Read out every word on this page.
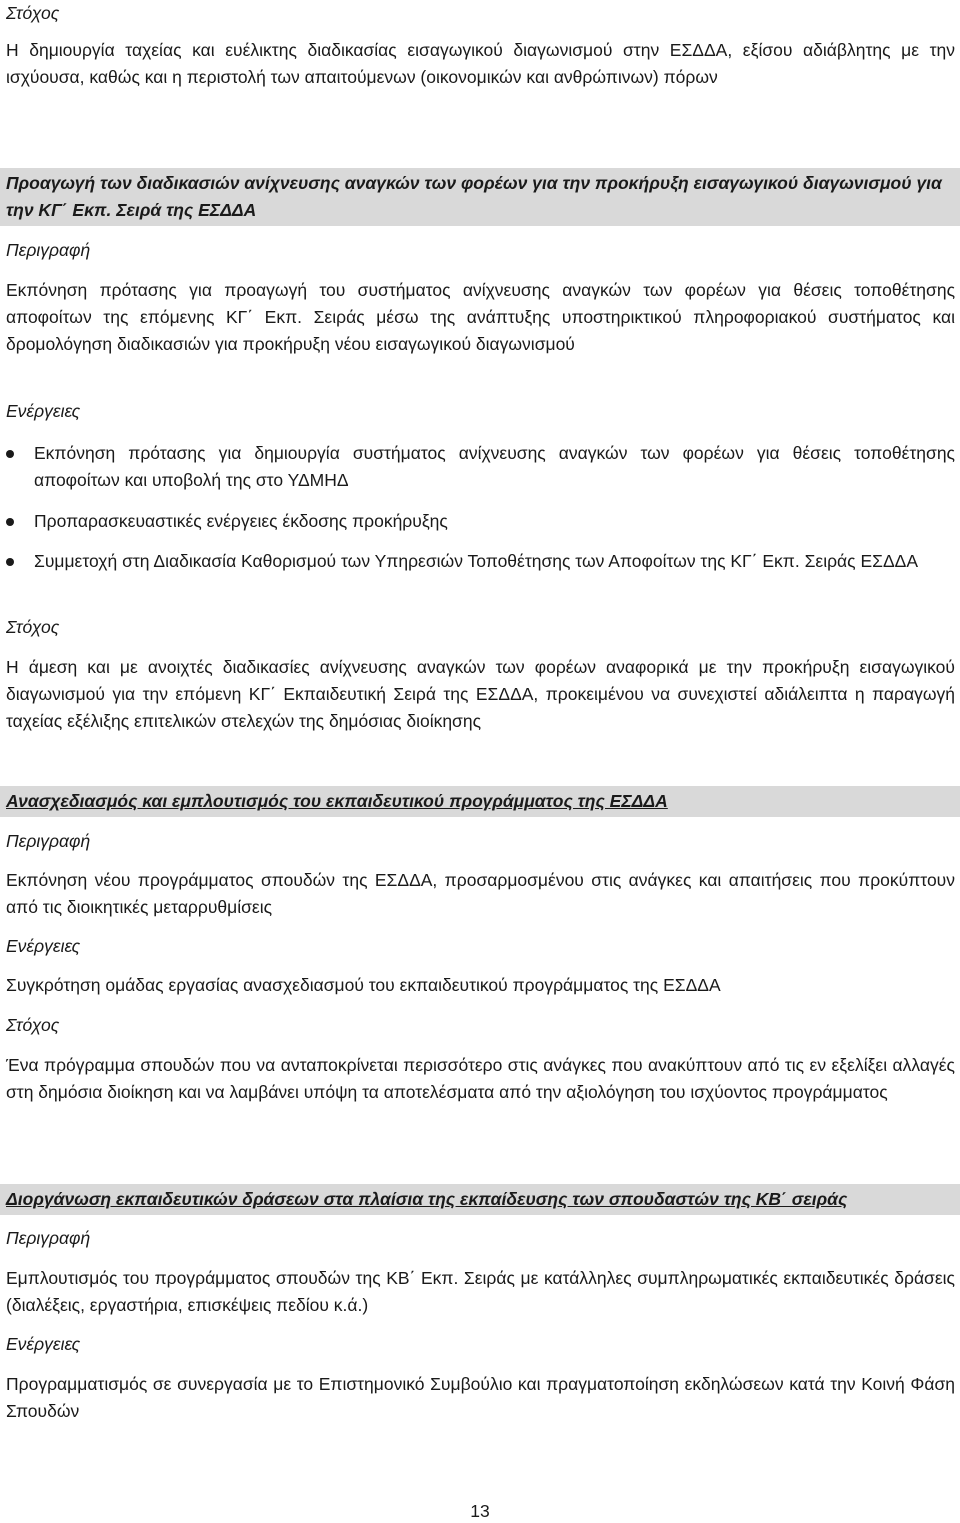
Στόχος

Η δημιουργία ταχείας και ευέλικτης διαδικασίας εισαγωγικού διαγωνισμού στην ΕΣΔΔΑ, εξίσου αδιάβλητης με την ισχύουσα, καθώς και η περιστολή των απαιτούμενων (οικονομικών και ανθρώπινων) πόρων

Προαγωγή των διαδικασιών ανίχνευσης αναγκών των φορέων για την προκήρυξη εισαγωγικού διαγωνισμού για την ΚΓ΄ Εκπ. Σειρά της ΕΣΔΔΑ

Περιγραφή

Εκπόνηση πρότασης για προαγωγή του συστήματος ανίχνευσης αναγκών των φορέων για θέσεις τοποθέτησης αποφοίτων της επόμενης ΚΓ΄ Εκπ. Σειράς μέσω της ανάπτυξης υποστηρικτικού πληροφοριακού συστήματος και δρομολόγηση διαδικασιών για προκήρυξη νέου εισαγωγικού διαγωνισμού

Ενέργειες

Εκπόνηση πρότασης για δημιουργία συστήματος ανίχνευσης αναγκών των φορέων για θέσεις τοποθέτησης αποφοίτων και υποβολή της στο ΥΔΜΗΔ
Προπαρασκευαστικές ενέργειες έκδοσης προκήρυξης
Συμμετοχή στη Διαδικασία Καθορισμού των Υπηρεσιών Τοποθέτησης των Αποφοίτων της ΚΓ΄ Εκπ. Σειράς ΕΣΔΔΑ

Στόχος

Η άμεση και με ανοιχτές διαδικασίες ανίχνευσης αναγκών των φορέων αναφορικά με την προκήρυξη εισαγωγικού διαγωνισμού για την επόμενη ΚΓ΄ Εκπαιδευτική Σειρά της ΕΣΔΔΑ, προκειμένου να συνεχιστεί αδιάλειπτα η παραγωγή ταχείας εξέλιξης επιτελικών στελεχών της δημόσιας διοίκησης

Ανασχεδιασμός και εμπλουτισμός του εκπαιδευτικού προγράμματος της ΕΣΔΔΑ

Περιγραφή

Εκπόνηση νέου προγράμματος σπουδών της ΕΣΔΔΑ, προσαρμοσμένου στις ανάγκες και απαιτήσεις που προκύπτουν από τις διοικητικές μεταρρυθμίσεις

Ενέργειες

Συγκρότηση ομάδας εργασίας ανασχεδιασμού του εκπαιδευτικού προγράμματος της ΕΣΔΔΑ

Στόχος

Ένα πρόγραμμα σπουδών που να ανταποκρίνεται περισσότερο στις ανάγκες που ανακύπτουν από τις εν εξελίξει αλλαγές στη δημόσια διοίκηση και να λαμβάνει υπόψη τα αποτελέσματα από την αξιολόγηση του ισχύοντος προγράμματος

Διοργάνωση εκπαιδευτικών δράσεων στα πλαίσια της εκπαίδευσης των σπουδαστών της ΚΒ΄ σειράς

Περιγραφή

Εμπλουτισμός του προγράμματος σπουδών της ΚΒ΄ Εκπ. Σειράς με κατάλληλες συμπληρωματικές εκπαιδευτικές δράσεις (διαλέξεις, εργαστήρια, επισκέψεις πεδίου κ.ά.)

Ενέργειες

Προγραμματισμός σε συνεργασία με το Επιστημονικό Συμβούλιο και πραγματοποίηση εκδηλώσεων κατά την Κοινή Φάση Σπουδών

13
